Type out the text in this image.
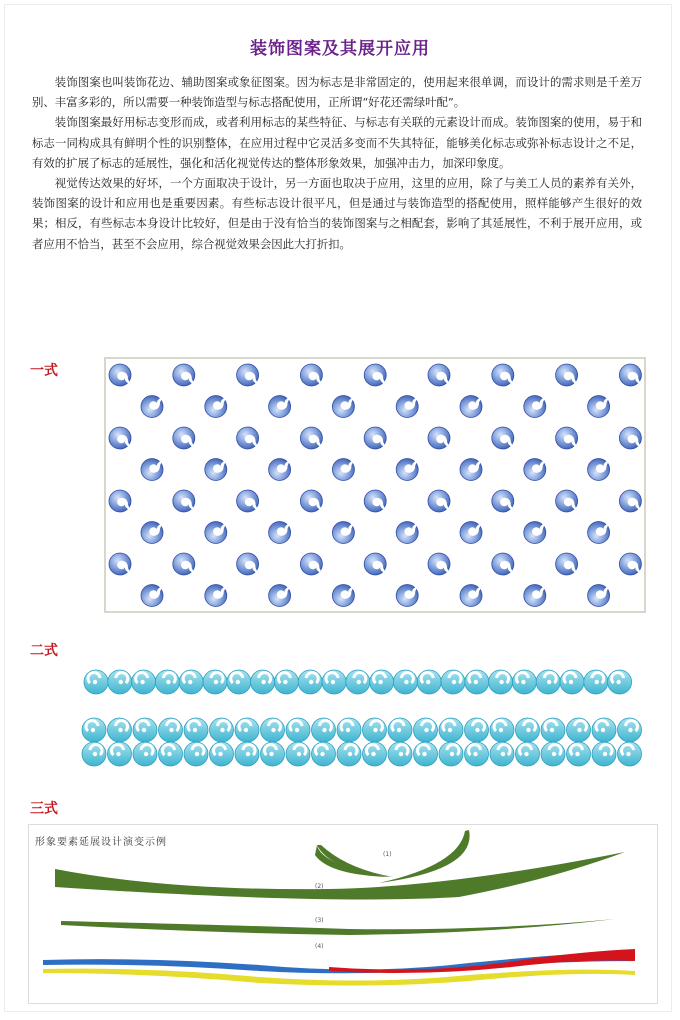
装饰图案及其展开应用

装饰图案也叫装饰花边、辅助图案或象征图案。因为标志是非常固定的，使用起来很单调，而设计的需求则是千差万别、丰富多彩的，所以需要一种装饰造型与标志搭配使用，正所谓“好花还需绿叶配”。

装饰图案最好用标志变形而成，或者利用标志的某些特征、与标志有关联的元素设计而成。装饰图案的使用，易于和标志一同构成具有鲜明个性的识别整体，在应用过程中它灵活多变而不失其特征，能够美化标志或弥补标志设计之不足，有效的扩展了标志的延展性，强化和活化视觉传达的整体形象效果，加强冲击力，加深印象度。

视觉传达效果的好坏，一个方面取决于设计，另一方面也取决于应用，这里的应用，除了与美工人员的素养有关外，装饰图案的设计和应用也是重要因素。有些标志设计很平凡，但是通过与装饰造型的搭配使用，照样能够产生很好的效果；相反，有些标志本身设计比较好，但是由于没有恰当的装饰图案与之相配套，影响了其延展性，不利于展开应用，或者应用不恰当，甚至不会应用，综合视觉效果会因此大打折扣。

一式
二式
三式
形象要素延展设计演变示例
(1)
(2)
(3)
(4)
